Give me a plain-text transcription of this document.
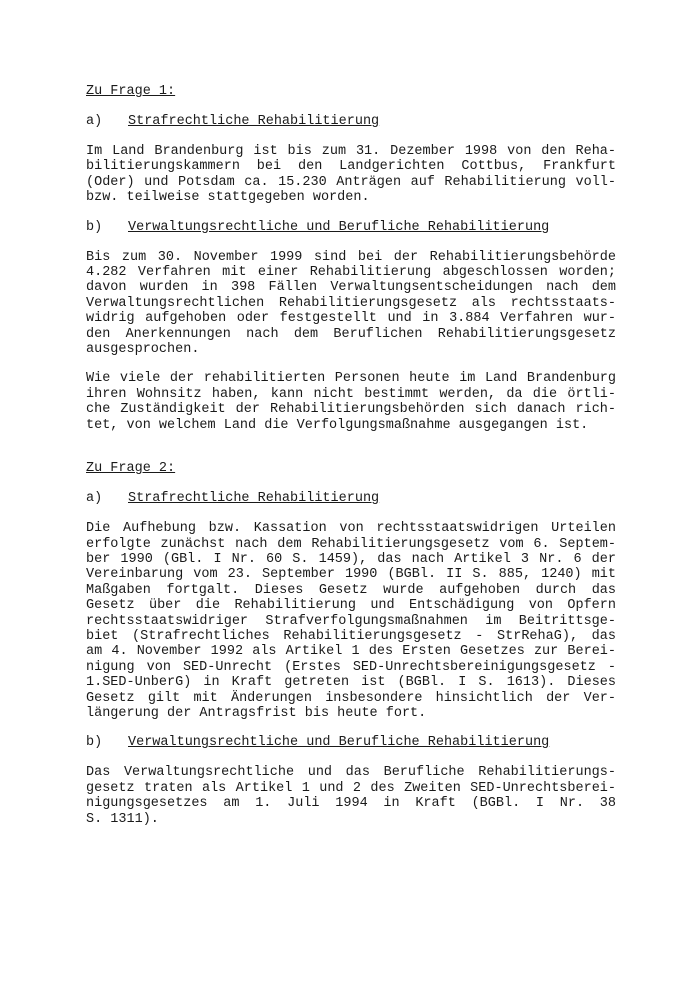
Zu Frage 1:

a)	Strafrechtliche Rehabilitierung

Im Land Brandenburg ist bis zum 31. Dezember 1998 von den Reha-

bilitierungskammern bei den Landgerichten Cottbus, Frankfurt

(Oder) und Potsdam ca. 15.230 Anträgen auf Rehabilitierung voll-

bzw. teilweise stattgegeben worden.

b)	Verwaltungsrechtliche und Berufliche Rehabilitierung

Bis zum 30. November 1999 sind bei der Rehabilitierungsbehörde

4.282 Verfahren mit einer Rehabilitierung abgeschlossen worden;

davon wurden in 398 Fällen Verwaltungsentscheidungen nach dem

Verwaltungsrechtlichen Rehabilitierungsgesetz als rechtsstaats-

widrig aufgehoben oder festgestellt und in 3.884 Verfahren wur-

den Anerkennungen nach dem Beruflichen Rehabilitierungsgesetz

ausgesprochen.

Wie viele der rehabilitierten Personen heute im Land Brandenburg

ihren Wohnsitz haben, kann nicht bestimmt werden, da die örtli-

che Zuständigkeit der Rehabilitierungsbehörden sich danach rich-

tet, von welchem Land die Verfolgungsmaßnahme ausgegangen ist.

Zu Frage 2:

a)	Strafrechtliche Rehabilitierung

Die Aufhebung bzw. Kassation von rechtsstaatswidrigen Urteilen

erfolgte zunächst nach dem Rehabilitierungsgesetz vom 6. Septem-

ber 1990 (GBl. I Nr. 60 S. 1459), das nach Artikel 3 Nr. 6 der

Vereinbarung vom 23. September 1990 (BGBl. II S. 885, 1240) mit

Maßgaben fortgalt. Dieses Gesetz wurde aufgehoben durch das

Gesetz über die Rehabilitierung und Entschädigung von Opfern

rechtsstaatswidriger Strafverfolgungsmaßnahmen im Beitrittsge-

biet (Strafrechtliches Rehabilitierungsgesetz - StrRehaG), das

am 4. November 1992 als Artikel 1 des Ersten Gesetzes zur Berei-

nigung von SED-Unrecht (Erstes SED-Unrechtsbereinigungsgesetz -

1.SED-UnberG) in Kraft getreten ist (BGBl. I S. 1613). Dieses

Gesetz gilt mit Änderungen insbesondere hinsichtlich der Ver-

längerung der Antragsfrist bis heute fort.

b)	Verwaltungsrechtliche und Berufliche Rehabilitierung

Das Verwaltungsrechtliche und das Berufliche Rehabilitierungs-

gesetz traten als Artikel 1 und 2 des Zweiten SED-Unrechtsberei-

nigungsgesetzes am 1. Juli 1994 in Kraft (BGBl. I Nr. 38

S. 1311).
